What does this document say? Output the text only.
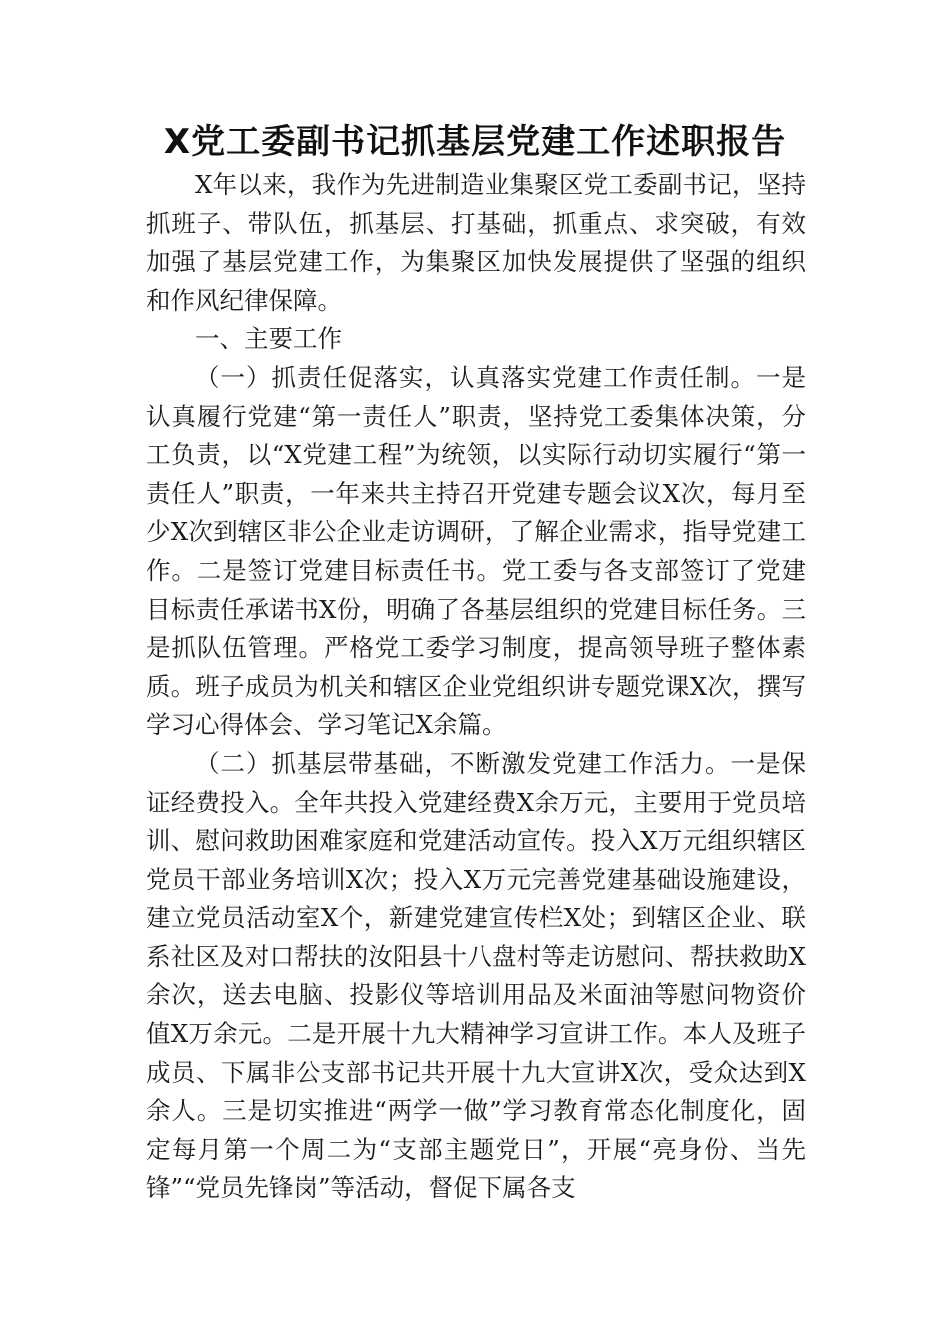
X党工委副书记抓基层党建工作述职报告

X年以来，我作为先进制造业集聚区党工委副书记，坚持抓班子、带队伍，抓基层、打基础，抓重点、求突破，有效加强了基层党建工作，为集聚区加快发展提供了坚强的组织和作风纪律保障。

一、主要工作

（一）抓责任促落实，认真落实党建工作责任制。一是认真履行党建“第一责任人”职责，坚持党工委集体决策，分工负责，以“X党建工程”为统领，以实际行动切实履行“第一责任人”职责，一年来共主持召开党建专题会议X次，每月至少X次到辖区非公企业走访调研，了解企业需求，指导党建工作。二是签订党建目标责任书。党工委与各支部签订了党建目标责任承诺书X份，明确了各基层组织的党建目标任务。三是抓队伍管理。严格党工委学习制度，提高领导班子整体素质。班子成员为机关和辖区企业党组织讲专题党课X次，撰写学习心得体会、学习笔记X余篇。

（二）抓基层带基础，不断激发党建工作活力。一是保证经费投入。全年共投入党建经费X余万元，主要用于党员培训、慰问救助困难家庭和党建活动宣传。投入X万元组织辖区党员干部业务培训X次；投入X万元完善党建基础设施建设，建立党员活动室X个，新建党建宣传栏X处；到辖区企业、联系社区及对口帮扶的汝阳县十八盘村等走访慰问、帮扶救助X余次，送去电脑、投影仪等培训用品及米面油等慰问物资价值X万余元。二是开展十九大精神学习宣讲工作。本人及班子成员、下属非公支部书记共开展十九大宣讲X次，受众达到X余人。三是切实推进“两学一做”学习教育常态化制度化，固定每月第一个周二为“支部主题党日”，开展“亮身份、当先锋”“党员先锋岗”等活动，督促下属各支
